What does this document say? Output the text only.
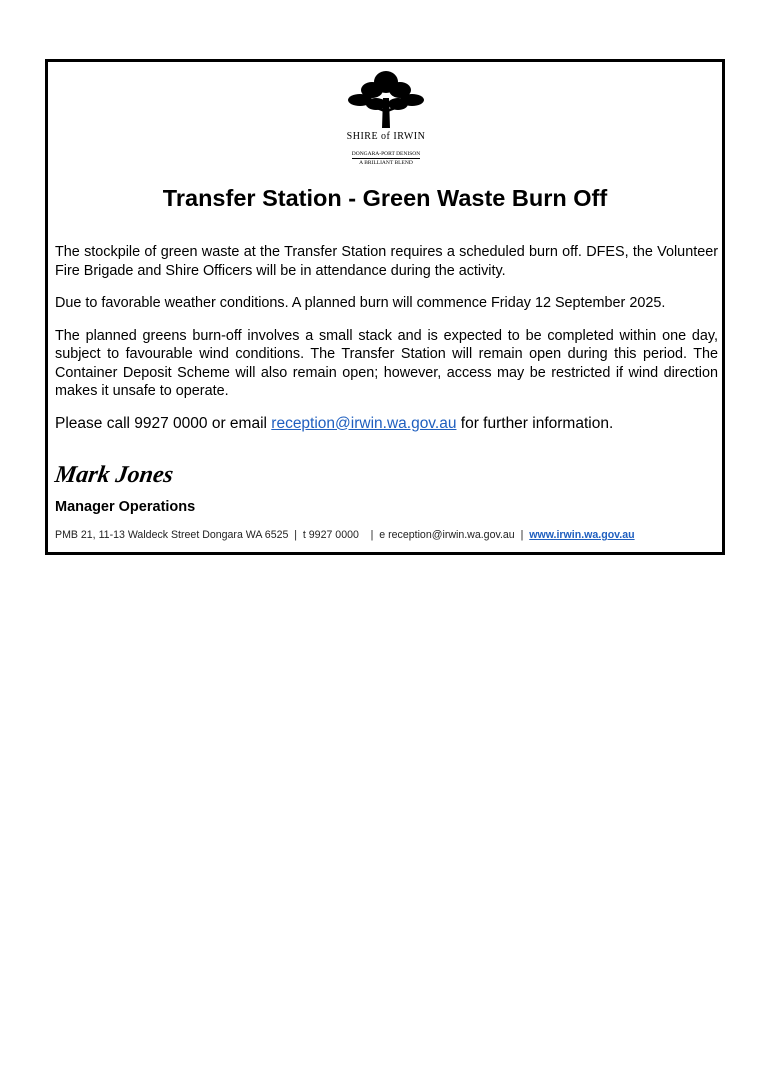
SHIRE of IRWIN
DONGARA-PORT DENISON
A BRILLIANT BLEND
Transfer Station - Green Waste Burn Off

The stockpile of green waste at the Transfer Station requires a scheduled burn off. DFES, the Volunteer Fire Brigade and Shire Officers will be in attendance during the activity.

Due to favorable weather conditions. A planned burn will commence Friday 12 September 2025.

The planned greens burn-off involves a small stack and is expected to be completed within one day, subject to favourable wind conditions. The Transfer Station will remain open during this period. The Container Deposit Scheme will also remain open; however, access may be restricted if wind direction makes it unsafe to operate.

Please call 9927 0000 or email reception@irwin.wa.gov.au for further information.

Mark Jones
Manager Operations
PMB 21, 11-13 Waldeck Street Dongara WA 6525  |  t 9927 0000    |  e reception@irwin.wa.gov.au  |  www.irwin.wa.gov.au
